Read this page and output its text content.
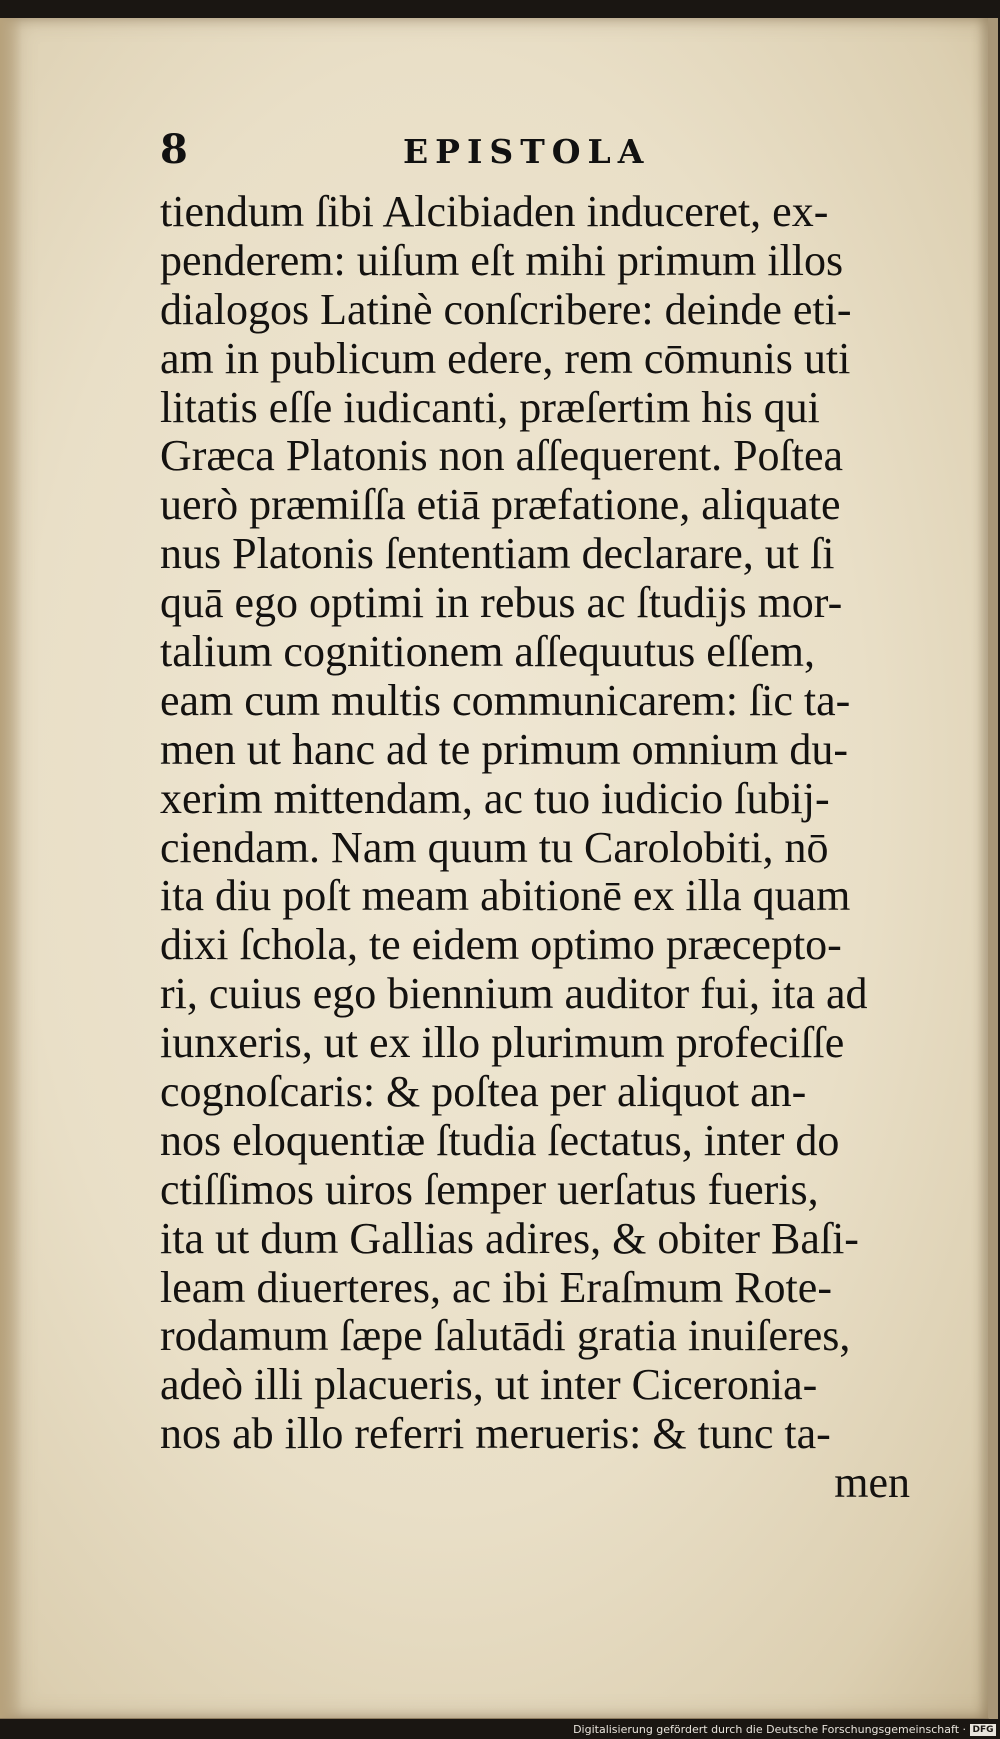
8	EPISTOLA
tiendum ſibi Alcibiaden induceret, ex-
penderem: uiſum eſt mihi primum illos
dialogos Latinè conſcribere: deinde eti-
am in publicum edere, rem cōmunis uti
litatis eſſe iudicanti, præſertim his qui
Græca Platonis non aſſequerent. Poſtea
uerò præmiſſa etiā præfatione, aliquate
nus Platonis ſententiam declarare, ut ſi
quā ego optimi in rebus ac ſtudijs mor-
talium cognitionem aſſequutus eſſem,
eam cum multis communicarem: ſic ta-
men ut hanc ad te primum omnium du-
xerim mittendam, ac tuo iudicio ſubij-
ciendam. Nam quum tu Carolobiti, nō
ita diu poſt meam abitionē ex illa quam
dixi ſchola, te eidem optimo præcepto-
ri, cuius ego biennium auditor fui, ita ad
iunxeris, ut ex illo plurimum profeciſſe
cognoſcaris: & poſtea per aliquot an-
nos eloquentiæ ſtudia ſectatus, inter do
ctiſſimos uiros ſemper uerſatus fueris,
ita ut dum Gallias adires, & obiter Baſi-
leam diuerteres, ac ibi Eraſmum Rote-
rodamum ſæpe ſalutādi gratia inuiſeres,
adeò illi placueris, ut inter Ciceronia-
nos ab illo referri merueris: & tunc ta-
men
Digitalisierung gefördert durch die Deutsche Forschungsgemeinschaft · DFG
